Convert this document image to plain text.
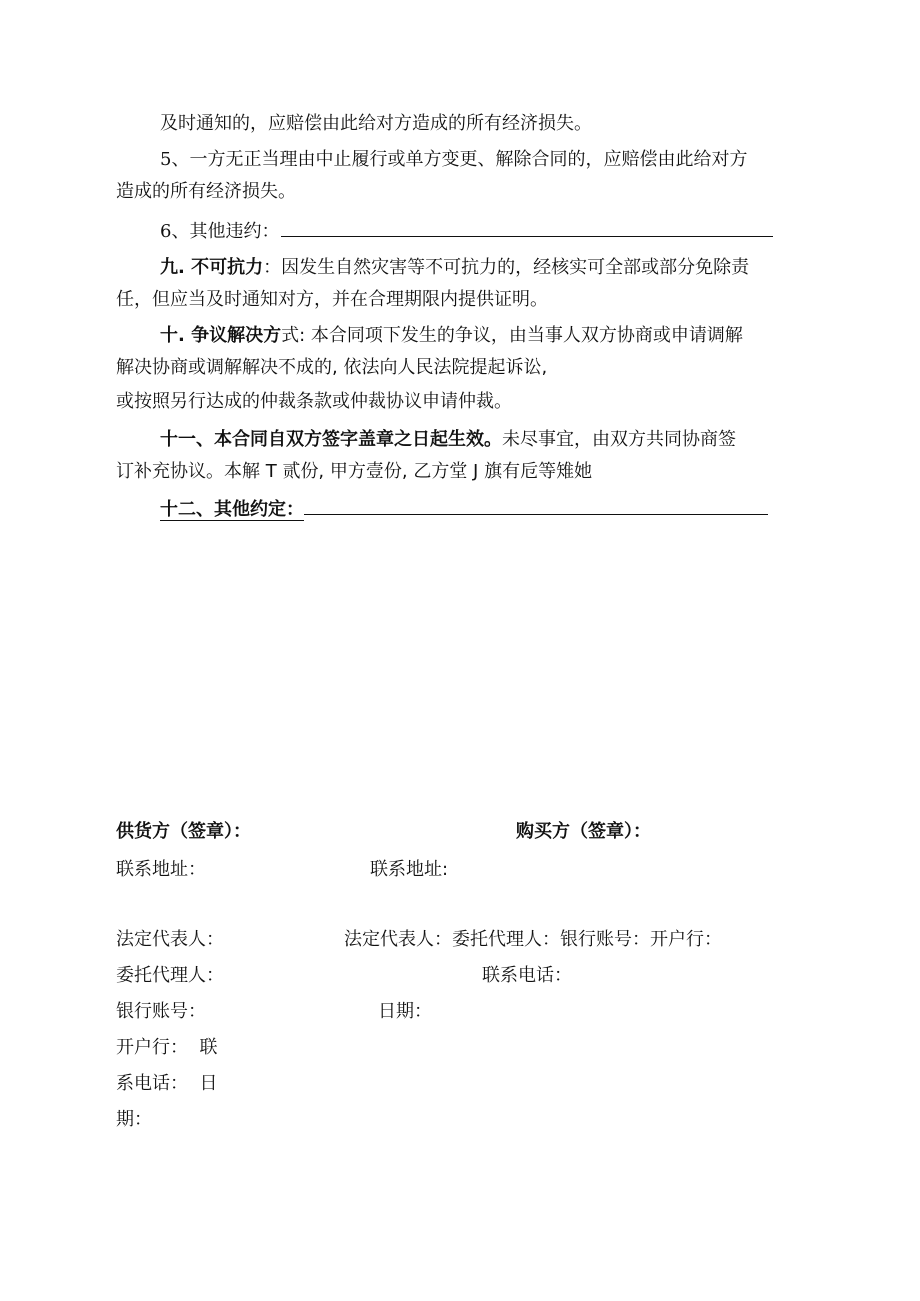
及时通知的，应赔偿由此给对方造成的所有经济损失。
5、一方无正当理由中止履行或单方变更、解除合同的，应赔偿由此给对方
造成的所有经济损失。
6、其他违约：
九. 不可抗力：因发生自然灾害等不可抗力的，经核实可全部或部分免除责
任，但应当及时通知对方，并在合理期限内提供证明。
十. 争议解决方式: 本合同项下发生的争议，由当事人双方协商或申请调解
解决协商或调解解决不成的, 依法向人民法院提起诉讼,
或按照另行达成的仲裁条款或仲裁协议申请仲裁。
十一、本合同自双方签字盖章之日起生效。未尽事宜，由双方共同协商签
订补充协议。本解 T 贰份, 甲方壹份, 乙方堂 J 旗有卮等雉她
十二、其他约定：
供货方（签章）：	购买方（签章）：
联系地址：	联系地址:
法定代表人：	法定代表人：委托代理人：银行账号：开户行：
委托代理人：	联系电话：
银行账号：	日期：
开户行：  联
系电话：  日
期：
